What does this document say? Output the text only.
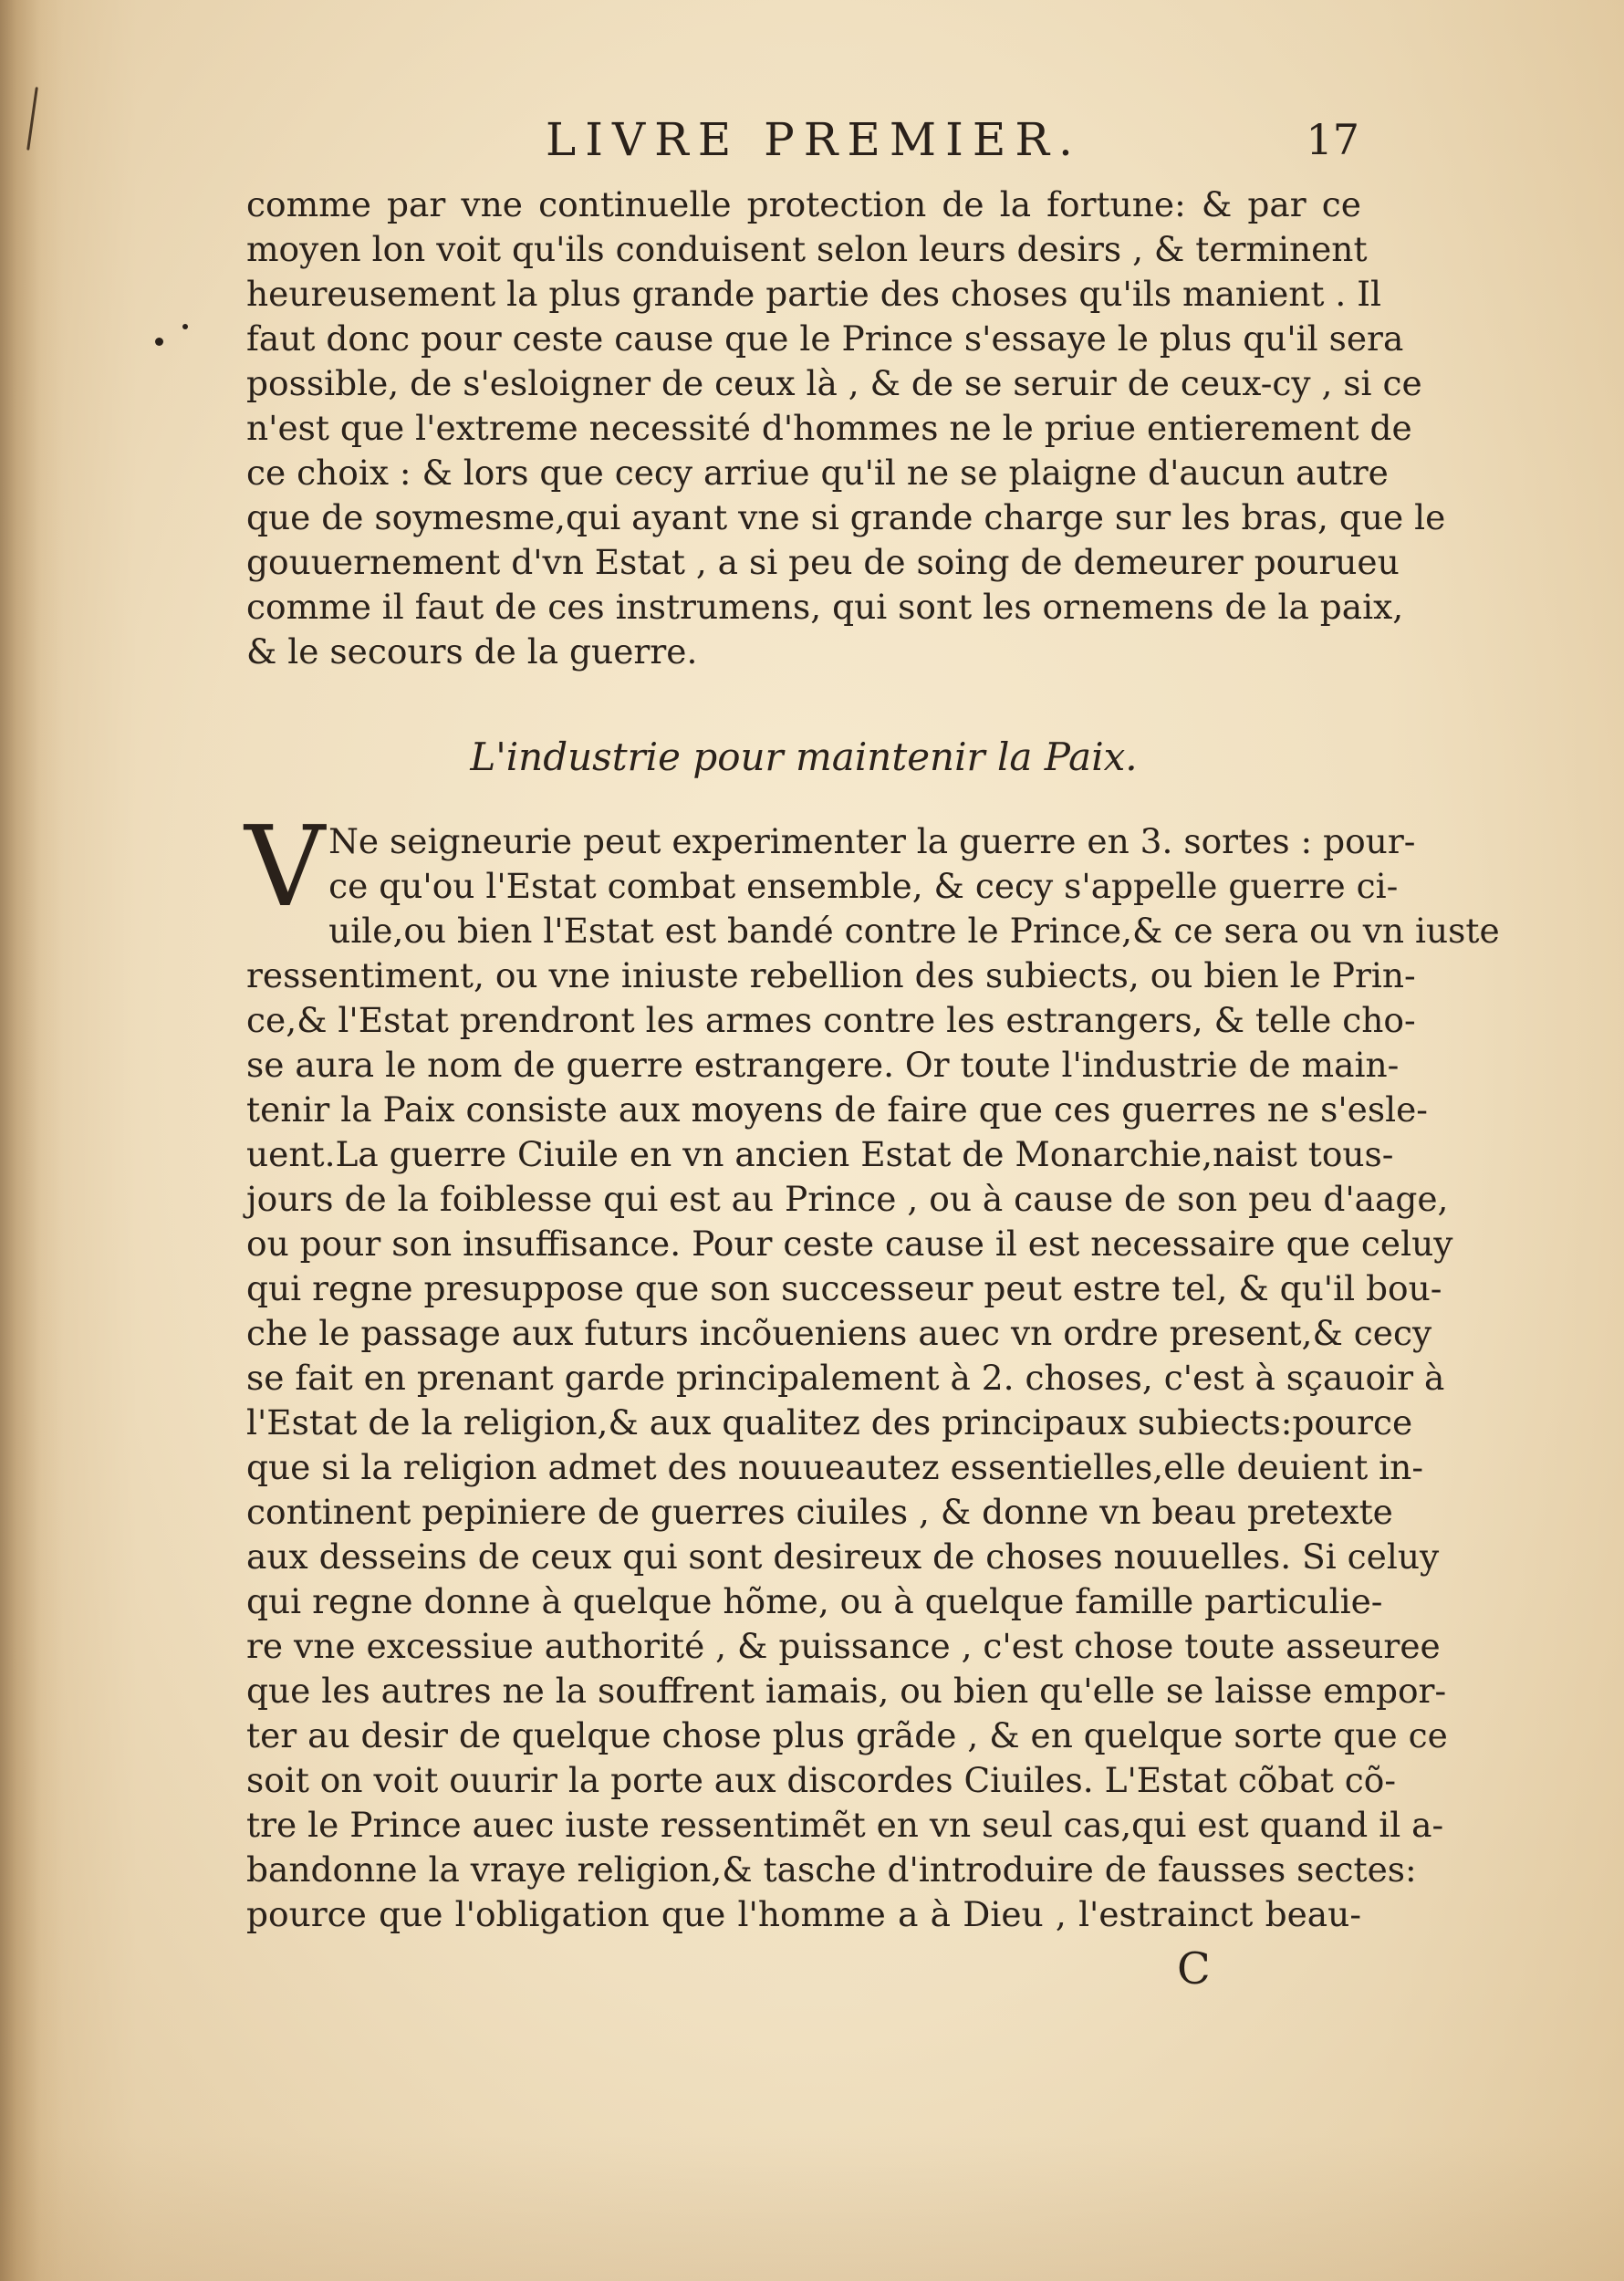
LIVRE PREMIER.	17
comme par vne continuelle protection de la fortune: & par ce
moyen lon voit qu'ils conduisent selon leurs desirs , & terminent
heureusement la plus grande partie des choses qu'ils manient . Il
faut donc pour ceste cause que le Prince s'essaye le plus qu'il sera
possible, de s'esloigner de ceux là , & de se seruir de ceux-cy , si ce
n'est que l'extreme necessité d'hommes ne le priue entierement de
ce choix : & lors que cecy arriue qu'il ne se plaigne d'aucun autre
que de soymesme,qui ayant vne si grande charge sur les bras, que le
gouuernement d'vn Estat , a si peu de soing de demeurer pourueu
comme il faut de ces instrumens, qui sont les ornemens de la paix,
& le secours de la guerre.
L'industrie pour maintenir la Paix.
V Ne seigneurie peut experimenter la guerre en 3. sortes : pour-
ce qu'ou l'Estat combat ensemble, & cecy s'appelle guerre ci-
uile,ou bien l'Estat est bandé contre le Prince,& ce sera ou vn iuste
ressentiment, ou vne iniuste rebellion des subiects, ou bien le Prin-
ce,& l'Estat prendront les armes contre les estrangers, & telle cho-
se aura le nom de guerre estrangere. Or toute l'industrie de main-
tenir la Paix consiste aux moyens de faire que ces guerres ne s'esle-
uent.La guerre Ciuile en vn ancien Estat de Monarchie,naist tous-
jours de la foiblesse qui est au Prince , ou à cause de son peu d'aage,
ou pour son insuffisance. Pour ceste cause il est necessaire que celuy
qui regne presuppose que son successeur peut estre tel, & qu'il bou-
che le passage aux futurs incõueniens auec vn ordre present,& cecy
se fait en prenant garde principalement à 2. choses, c'est à sçauoir à
l'Estat de la religion,& aux qualitez des principaux subiects:pource
que si la religion admet des nouueautez essentielles,elle deuient in-
continent pepiniere de guerres ciuiles , & donne vn beau pretexte
aux desseins de ceux qui sont desireux de choses nouuelles. Si celuy
qui regne donne à quelque hõme, ou à quelque famille particulie-
re vne excessiue authorité , & puissance , c'est chose toute asseuree
que les autres ne la souffrent iamais, ou bien qu'elle se laisse empor-
ter au desir de quelque chose plus grãde , & en quelque sorte que ce
soit on voit ouurir la porte aux discordes Ciuiles. L'Estat cõbat cõ-
tre le Prince auec iuste ressentimẽt en vn seul cas,qui est quand il a-
bandonne la vraye religion,& tasche d'introduire de fausses sectes:
pource que l'obligation que l'homme a à Dieu , l'estrainct beau-
C
